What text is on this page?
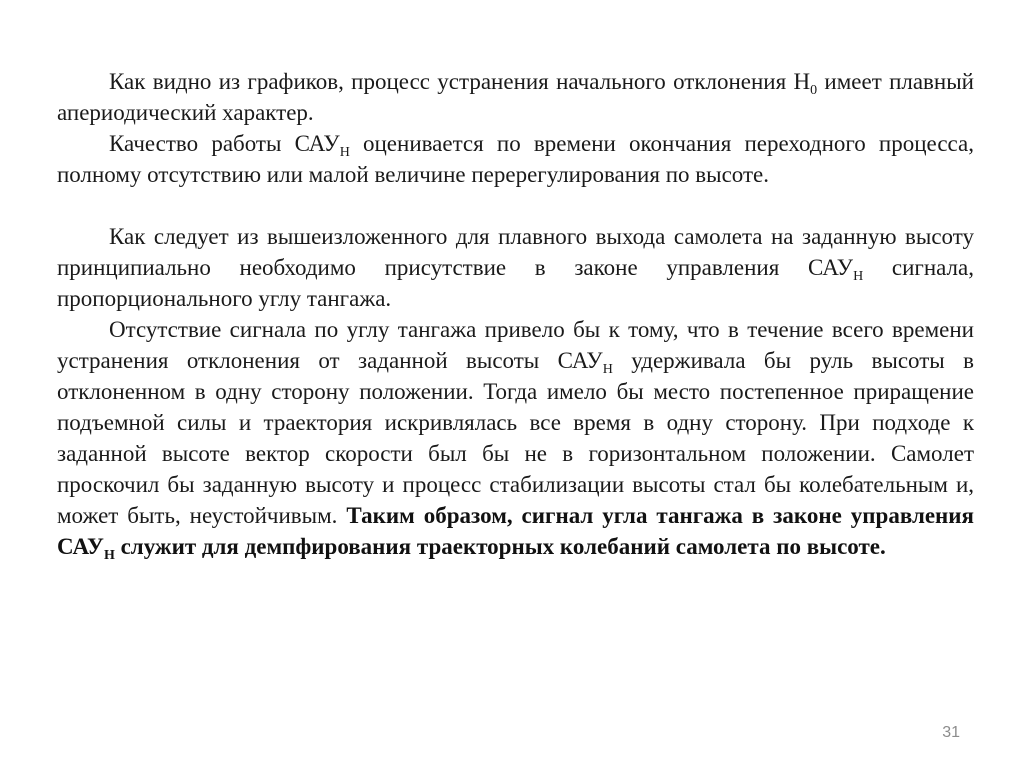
Как видно из графиков, процесс устранения начального отклонения $Н_0$ имеет плавный апериодический характер.

Качество работы $САУ_Н$ оценивается по времени окончания переходного процесса, полному отсутствию или малой величине перерегулирования по высоте.

Как следует из вышеизложенного для плавного выхода самолета на заданную высоту принципиально необходимо присутствие в законе управления $САУ_Н$ сигнала, пропорционального углу тангажа.

Отсутствие сигнала по углу тангажа привело бы к тому, что в течение всего времени устранения отклонения от заданной высоты $САУ_Н$ удерживала бы руль высоты в отклоненном в одну сторону положении. Тогда имело бы место постепенное приращение подъемной силы и траектория искривлялась все время в одну сторону. При подходе к заданной высоте вектор скорости был бы не в горизонтальном положении. Самолет проскочил бы заданную высоту и процесс стабилизации высоты стал бы колебательным и, может быть, неустойчивым. Таким образом, сигнал угла тангажа в законе управления $САУ_Н$ служит для демпфирования траекторных колебаний самолета по высоте.

31
